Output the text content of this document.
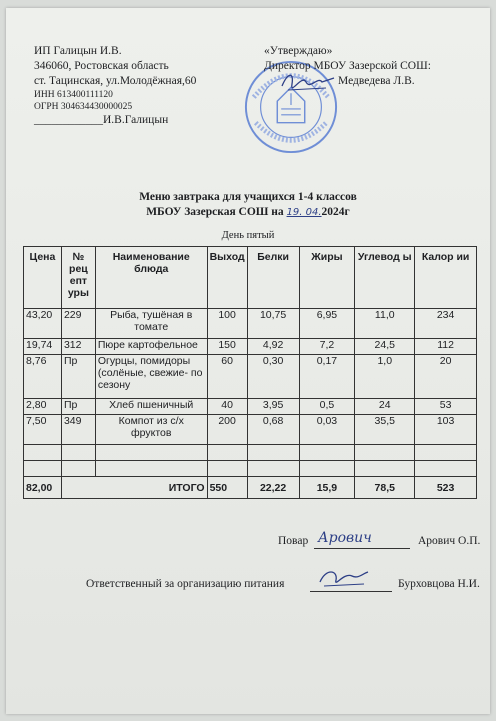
ИП Галицын И.В.
346060, Ростовская область
ст. Тацинская, ул.Молодёжная,60
ИНН 613400111120
ОГРН 304634430000025
____________И.В.Галицын
«Утверждаю»
Директор МБОУ Зазерской СОШ:
Медведева Л.В.
Меню завтрака для учащихся 1-4 классов
МБОУ Зазерская СОШ на 19. 04.2024г
День пятый
Цена	№ рец епт уры	Наименование блюда	Выход	Белки	Жиры	Углевод ы	Калор ии
43,20	229	Рыба, тушёная в томате	100	10,75	6,95	11,0	234
19,74	312	Пюре картофельное	150	4,92	7,2	24,5	112
8,76	Пр	Огурцы, помидоры (солёные, свежие- по сезону	60	0,30	0,17	1,0	20
2,80	Пр	Хлеб пшеничный	40	3,95	0,5	24	53
7,50	349	Компот из с/х фруктов	200	0,68	0,03	35,5	103

82,00		ИТОГО	550	22,22	15,9	78,5	523
Повар Арович	Арович О.П.
Ответственный за организацию питания	Бурховцова Н.И.
